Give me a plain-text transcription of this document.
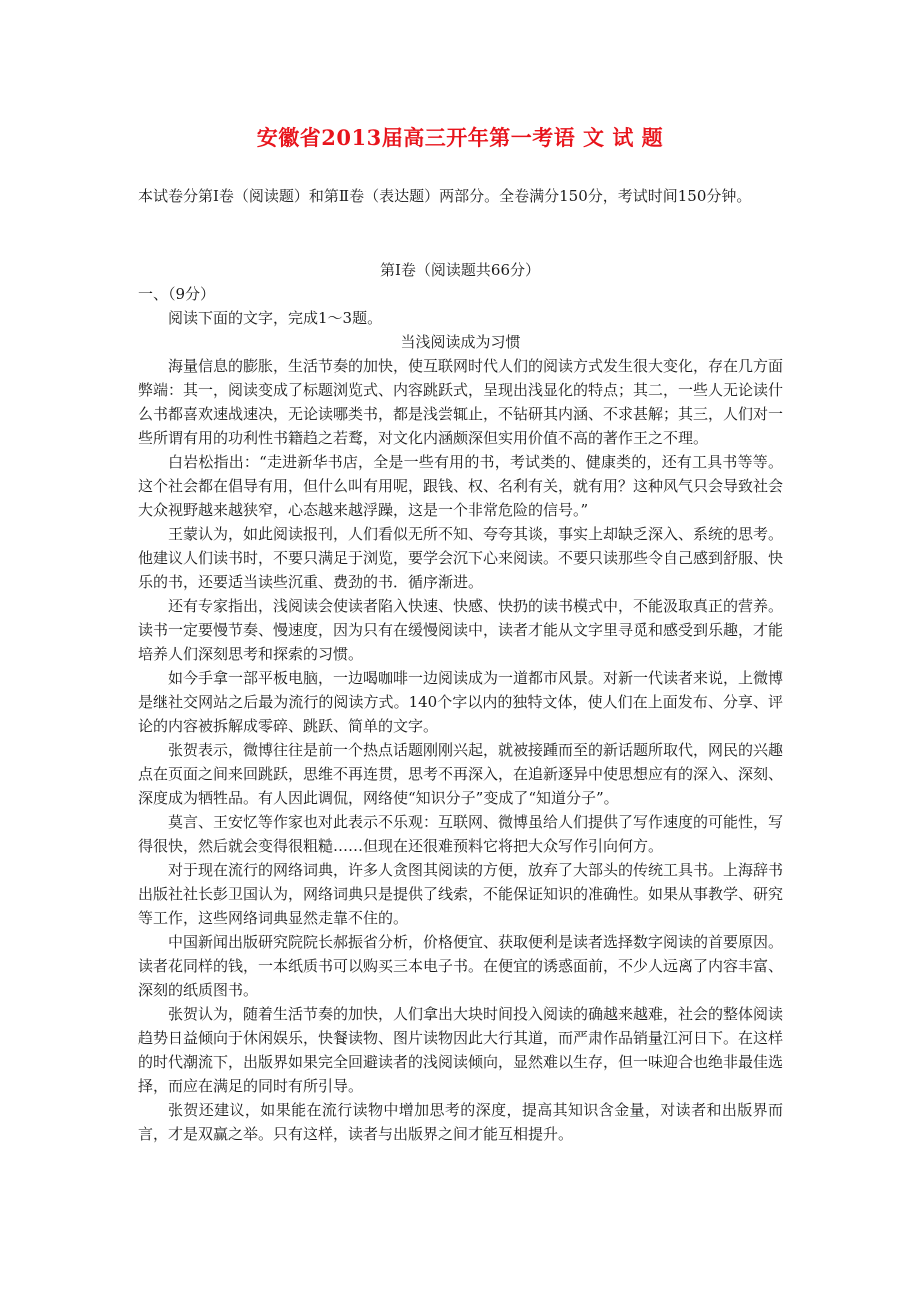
安徽省2013届高三开年第一考语 文 试 题
本试卷分第Ⅰ卷（阅读题）和第Ⅱ卷（表达题）两部分。全卷满分150分，考试时间150分钟。
第Ⅰ卷（阅读题共66分）

一、（9分）

阅读下面的文字，完成1～3题。

当浅阅读成为习惯

海量信息的膨胀，生活节奏的加快，使互联网时代人们的阅读方式发生很大变化，存在几方面弊端：其一，阅读变成了标题浏览式、内容跳跃式，呈现出浅显化的特点；其二，一些人无论读什么书都喜欢速战速决，无论读哪类书，都是浅尝辄止，不钻研其内涵、不求甚解；其三，人们对一些所谓有用的功利性书籍趋之若鹜，对文化内涵颇深但实用价值不高的著作王之不理。

白岩松指出：“走进新华书店，全是一些有用的书，考试类的、健康类的，还有工具书等等。这个社会都在倡导有用，但什么叫有用呢，跟钱、权、名利有关，就有用？这种风气只会导致社会大众视野越来越狭窄，心态越来越浮躁，这是一个非常危险的信号。”

王蒙认为，如此阅读报刊，人们看似无所不知、夸夸其谈，事实上却缺乏深入、系统的思考。他建议人们读书时，不要只满足于浏览，要学会沉下心来阅读。不要只读那些令自己感到舒服、快乐的书，还要适当读些沉重、费劲的书．循序渐进。

还有专家指出，浅阅读会使读者陷入快速、快感、快扔的读书模式中，不能汲取真正的营养。读书一定要慢节奏、慢速度，因为只有在缓慢阅读中，读者才能从文字里寻觅和感受到乐趣，才能培养人们深刻思考和探索的习惯。

如今手拿一部平板电脑，一边喝咖啡一边阅读成为一道都市风景。对新一代读者来说，上微博是继社交网站之后最为流行的阅读方式。140个字以内的独特文体，使人们在上面发布、分享、评论的内容被拆解成零碎、跳跃、简单的文字。

张贺表示，微博往往是前一个热点话题刚刚兴起，就被接踵而至的新话题所取代，网民的兴趣点在页面之间来回跳跃，思维不再连贯，思考不再深入，在追新逐异中使思想应有的深入、深刻、深度成为牺牲品。有人因此调侃，网络使“知识分子”变成了“知道分子”。

莫言、王安忆等作家也对此表示不乐观：互联网、微博虽给人们提供了写作速度的可能性，写得很快，然后就会变得很粗糙……但现在还很难预料它将把大众写作引向何方。

对于现在流行的网络词典，许多人贪图其阅读的方便，放弃了大部头的传统工具书。上海辞书出版社社长彭卫国认为，网络词典只是提供了线索，不能保证知识的准确性。如果从事教学、研究等工作，这些网络词典显然走靠不住的。

中国新闻出版研究院院长郝振省分析，价格便宜、获取便利是读者选择数字阅读的首要原因。读者花同样的钱，一本纸质书可以购买三本电子书。在便宜的诱惑面前，不少人远离了内容丰富、深刻的纸质图书。

张贺认为，随着生活节奏的加快，人们拿出大块时间投入阅读的确越来越难，社会的整体阅读趋势日益倾向于休闲娱乐，快餐读物、图片读物因此大行其道，而严肃作品销量江河日下。在这样的时代潮流下，出版界如果完全回避读者的浅阅读倾向，显然难以生存，但一味迎合也绝非最佳选择，而应在满足的同时有所引导。

张贺还建议，如果能在流行读物中增加思考的深度，提高其知识含金量，对读者和出版界而言，才是双赢之举。只有这样，读者与出版界之间才能互相提升。
